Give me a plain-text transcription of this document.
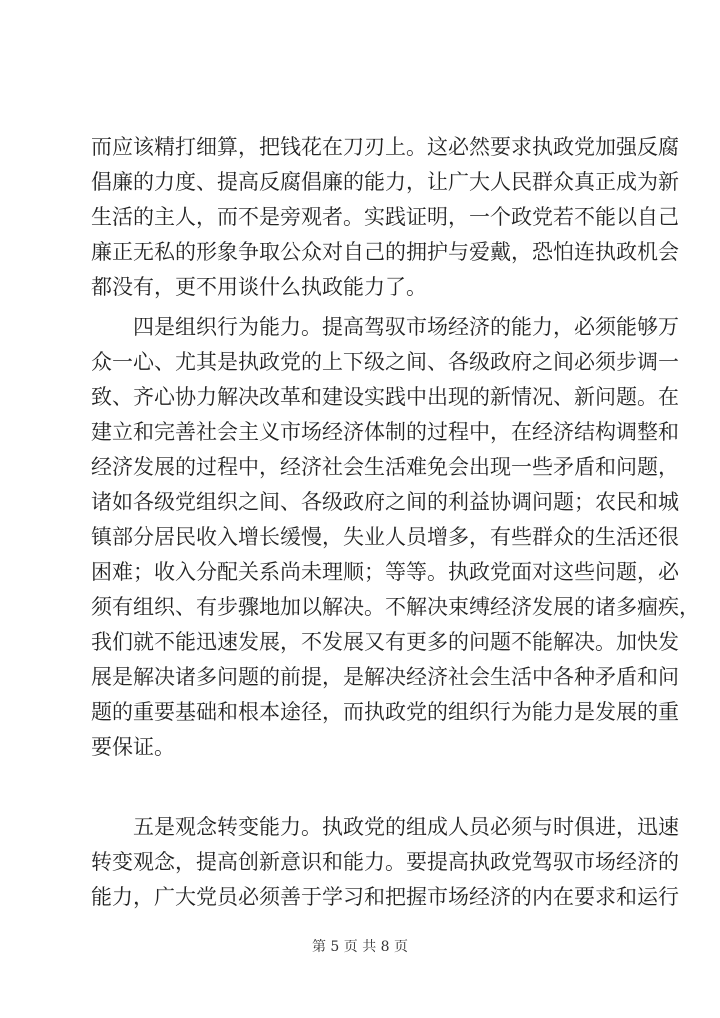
而应该精打细算，把钱花在刀刃上。这必然要求执政党加强反腐
倡廉的力度、提高反腐倡廉的能力，让广大人民群众真正成为新
生活的主人，而不是旁观者。实践证明，一个政党若不能以自己
廉正无私的形象争取公众对自己的拥护与爱戴，恐怕连执政机会
都没有，更不用谈什么执政能力了。
四是组织行为能力。提高驾驭市场经济的能力，必须能够万
众一心、尤其是执政党的上下级之间、各级政府之间必须步调一
致、齐心协力解决改革和建设实践中出现的新情况、新问题。在
建立和完善社会主义市场经济体制的过程中，在经济结构调整和
经济发展的过程中，经济社会生活难免会出现一些矛盾和问题，
诸如各级党组织之间、各级政府之间的利益协调问题；农民和城
镇部分居民收入增长缓慢，失业人员增多，有些群众的生活还很
困难；收入分配关系尚未理顺；等等。执政党面对这些问题，必
须有组织、有步骤地加以解决。不解决束缚经济发展的诸多痼疾，
我们就不能迅速发展，不发展又有更多的问题不能解决。加快发
展是解决诸多问题的前提，是解决经济社会生活中各种矛盾和问
题的重要基础和根本途径，而执政党的组织行为能力是发展的重
要保证。
五是观念转变能力。执政党的组成人员必须与时俱进，迅速
转变观念，提高创新意识和能力。要提高执政党驾驭市场经济的
能力，广大党员必须善于学习和把握市场经济的内在要求和运行
第 5 页 共 8 页
